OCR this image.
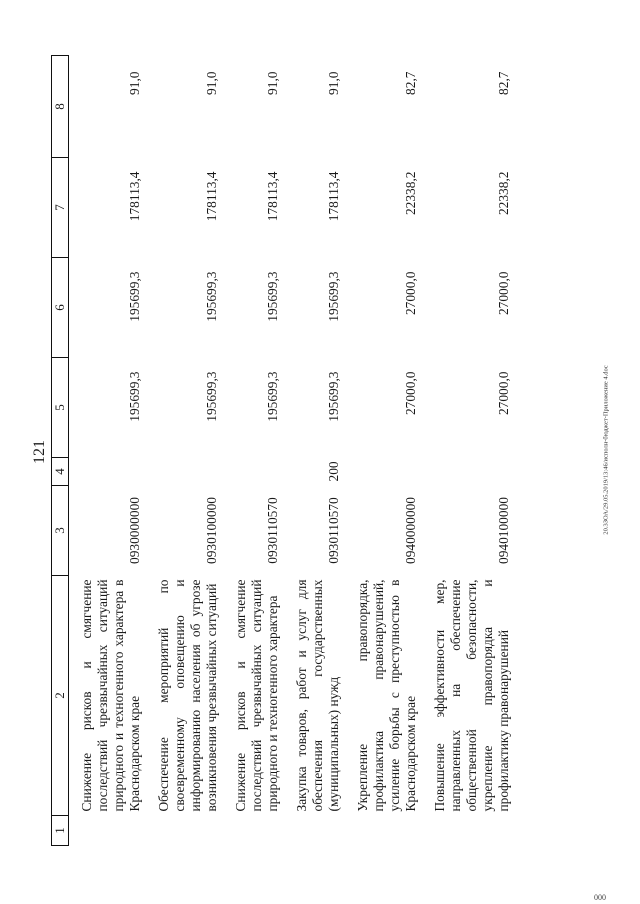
121	20.3ЗОА/29.05.2019/13:46/исполн-бюджет-Приложение 4.doc
000
1	2	3	4	5	6	7	8
	Снижение рисков и смягчение последствий чрезвычайных ситуаций природного и техногенного характера в Краснодарском крае	0930000000		195699,3	195699,3	178113,4	91,0
	Обеспечение мероприятий по своевременному оповещению и информированию населения об угрозе возникновения чрезвычайных ситуаций	0930100000		195699,3	195699,3	178113,4	91,0
	Снижение рисков и смягчение последствий чрезвычайных ситуаций природного и техногенного характера	0930110570		195699,3	195699,3	178113,4	91,0
	Закупка товаров, работ и услуг для обеспечения государственных (муниципальных) нужд	0930110570	200	195699,3	195699,3	178113,4	91,0
	Укрепление правопорядка, профилактика правонарушений, усиление борьбы с преступностью в Краснодарском крае	0940000000		27000,0	27000,0	22338,2	82,7
	Повышение эффективности мер, направленных на обеспечение общественной безопасности, укрепление правопорядка и профилактику правонарушений	0940100000		27000,0	27000,0	22338,2	82,7
